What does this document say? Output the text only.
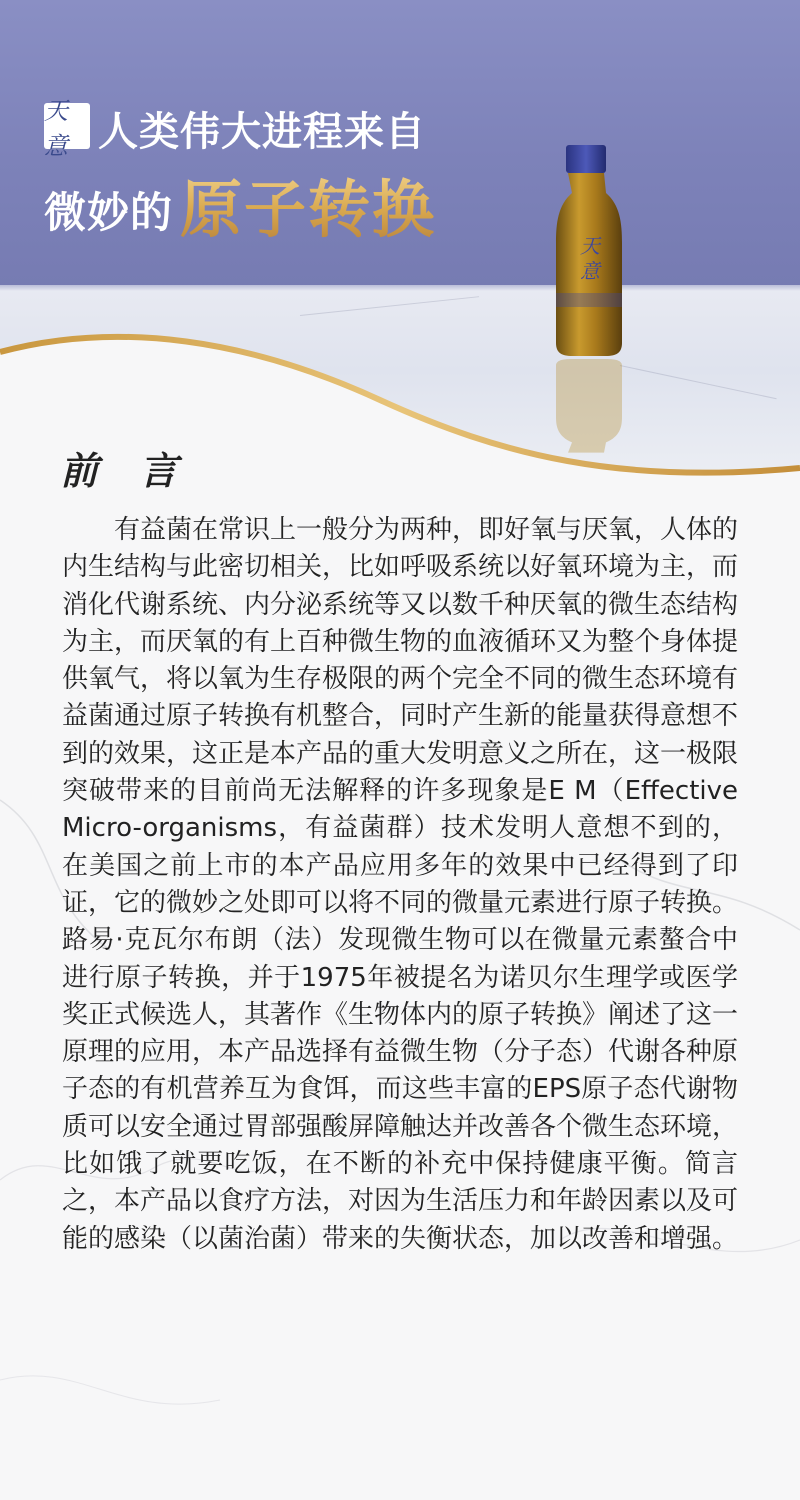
天意 人类伟大进程来自
微妙的 原子转换	天
意
前 言
有益菌在常识上一般分为两种，即好氧与厌氧，人体的内生结构与此密切相关，比如呼吸系统以好氧环境为主，而消化代谢系统、内分泌系统等又以数千种厌氧的微生态结构为主，而厌氧的有上百种微生物的血液循环又为整个身体提供氧气，将以氧为生存极限的两个完全不同的微生态环境有益菌通过原子转换有机整合，同时产生新的能量获得意想不到的效果，这正是本产品的重大发明意义之所在，这一极限突破带来的目前尚无法解释的许多现象是E M（Effective Micro-organisms，有益菌群）技术发明人意想不到的，在美国之前上市的本产品应用多年的效果中已经得到了印证，它的微妙之处即可以将不同的微量元素进行原子转换。路易·克瓦尔布朗（法）发现微生物可以在微量元素螯合中进行原子转换，并于1975年被提名为诺贝尔生理学或医学奖正式候选人，其著作《生物体内的原子转换》阐述了这一原理的应用，本产品选择有益微生物（分子态）代谢各种原子态的有机营养互为食饵，而这些丰富的EPS原子态代谢物质可以安全通过胃部强酸屏障触达并改善各个微生态环境，比如饿了就要吃饭，在不断的补充中保持健康平衡。简言之，本产品以食疗方法，对因为生活压力和年龄因素以及可能的感染（以菌治菌）带来的失衡状态，加以改善和增强。
